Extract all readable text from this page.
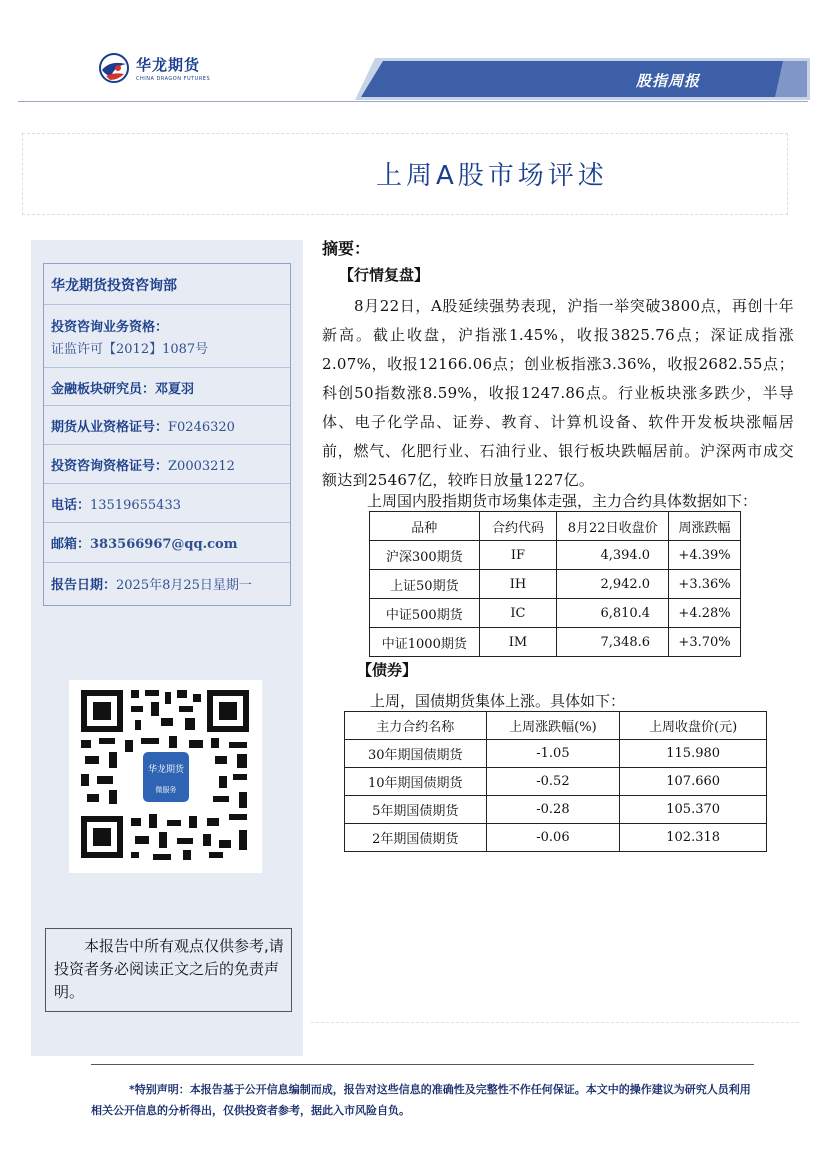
华龙期货
CHINA DRAGON FUTURES	股指周报
上周A股市场评述
华龙期货投资咨询部
投资咨询业务资格：
证监许可【2012】1087号
金融板块研究员：邓夏羽
期货从业资格证号：F0246320
投资咨询资格证号：Z0003212
电话：13519655433
邮箱：383566967@qq.com
报告日期：2025年8月25日星期一
华龙期货
微服务
本报告中所有观点仅供参考,请投资者务必阅读正文之后的免责声明。
摘要：
【行情复盘】
8月22日，A股延续强势表现，沪指一举突破3800点，再创十年新高。截止收盘，沪指涨1.45%，收报3825.76点；深证成指涨2.07%，收报12166.06点；创业板指涨3.36%，收报2682.55点；科创50指数涨8.59%，收报1247.86点。行业板块涨多跌少，半导体、电子化学品、证券、教育、计算机设备、软件开发板块涨幅居前，燃气、化肥行业、石油行业、银行板块跌幅居前。沪深两市成交额达到25467亿，较昨日放量1227亿。
上周国内股指期货市场集体走强，主力合约具体数据如下：
品种	合约代码	8月22日收盘价	周涨跌幅
沪深300期货	IF	4,394.0	+4.39%
上证50期货	IH	2,942.0	+3.36%
中证500期货	IC	6,810.4	+4.28%
中证1000期货	IM	7,348.6	+3.70%
【债券】
上周，国债期货集体上涨。具体如下：
主力合约名称	上周涨跌幅(%)	上周收盘价(元)
30年期国债期货	-1.05	115.980
10年期国债期货	-0.52	107.660
5年期国债期货	-0.28	105.370
2年期国债期货	-0.06	102.318
*特别声明：本报告基于公开信息编制而成，报告对这些信息的准确性及完整性不作任何保证。本文中的操作建议为研究人员利用相关公开信息的分析得出，仅供投资者参考，据此入市风险自负。
